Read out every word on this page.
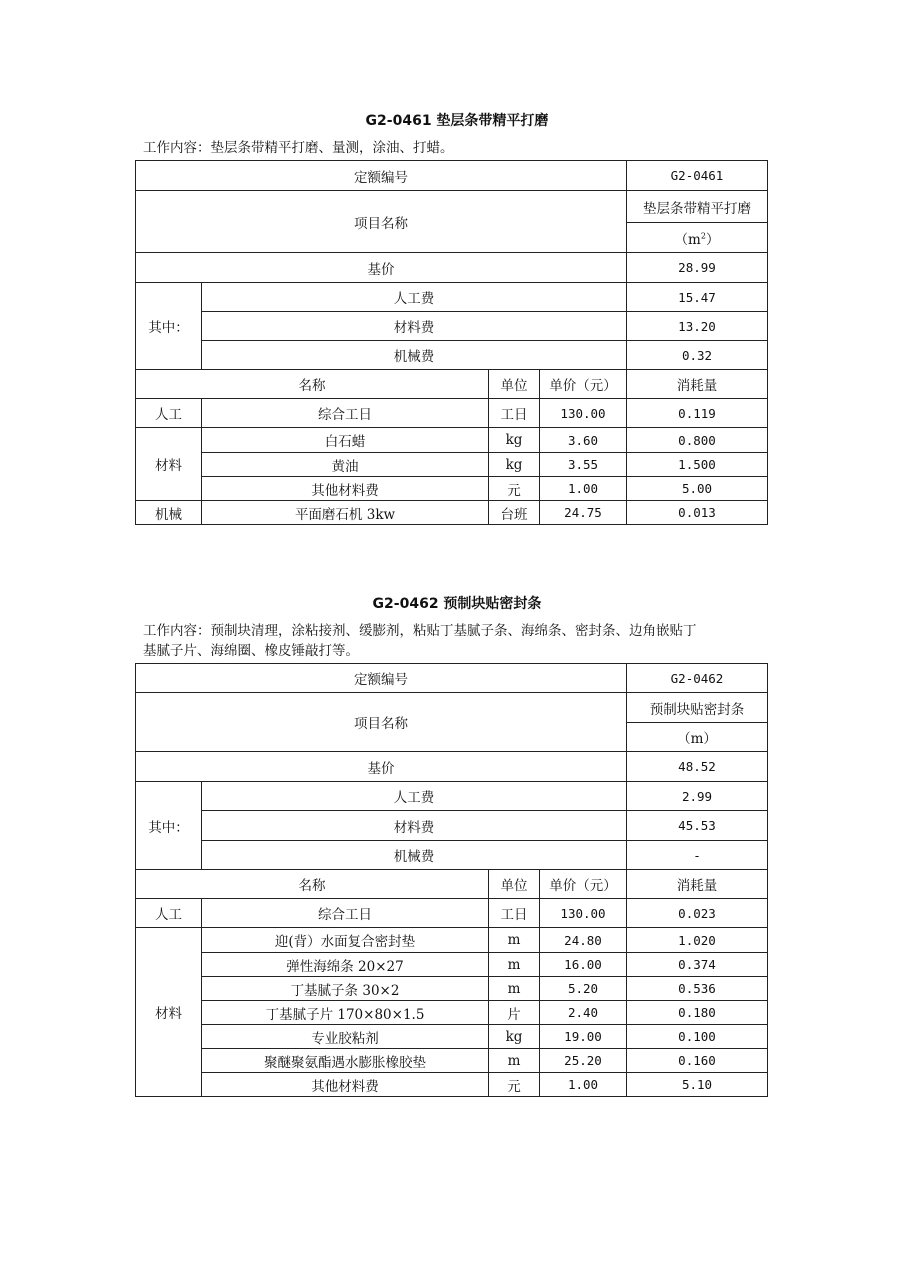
G2-0461 垫层条带精平打磨
工作内容：垫层条带精平打磨、量测，涂油、打蜡。
定额编号				G2-0461
项目名称				垫层条带精平打磨
				$(m^2)$
基价				28.99
其中：	人工费			15.47
	材料费			13.20
	机械费			0.32
名称		单位	单价（元）	消耗量
人工	综合工日	工日	130.00	0.119
材料	白石蜡	kg	3.60	0.800
	黄油	kg	3.55	1.500
	其他材料费	元	1.00	5.00
机械	平面磨石机 3kw	台班	24.75	0.013
G2-0462 预制块贴密封条
工作内容：预制块清理，涂粘接剂、缓膨剂，粘贴丁基腻子条、海绵条、密封条、边角嵌贴丁
基腻子片、海绵圈、橡皮锤敲打等。
定额编号				G2-0462
项目名称				预制块贴密封条
				（m）
基价				48.52
其中：	人工费			2.99
	材料费			45.53
	机械费			-
名称		单位	单价（元）	消耗量
人工	综合工日	工日	130.00	0.023
材料	迎(背）水面复合密封垫	m	24.80	1.020
	弹性海绵条 20×27	m	16.00	0.374
	丁基腻子条 30×2	m	5.20	0.536
	丁基腻子片 170×80×1.5	片	2.40	0.180
	专业胶粘剂	kg	19.00	0.100
	聚醚聚氨酯遇水膨胀橡胶垫	m	25.20	0.160
	其他材料费	元	1.00	5.10
